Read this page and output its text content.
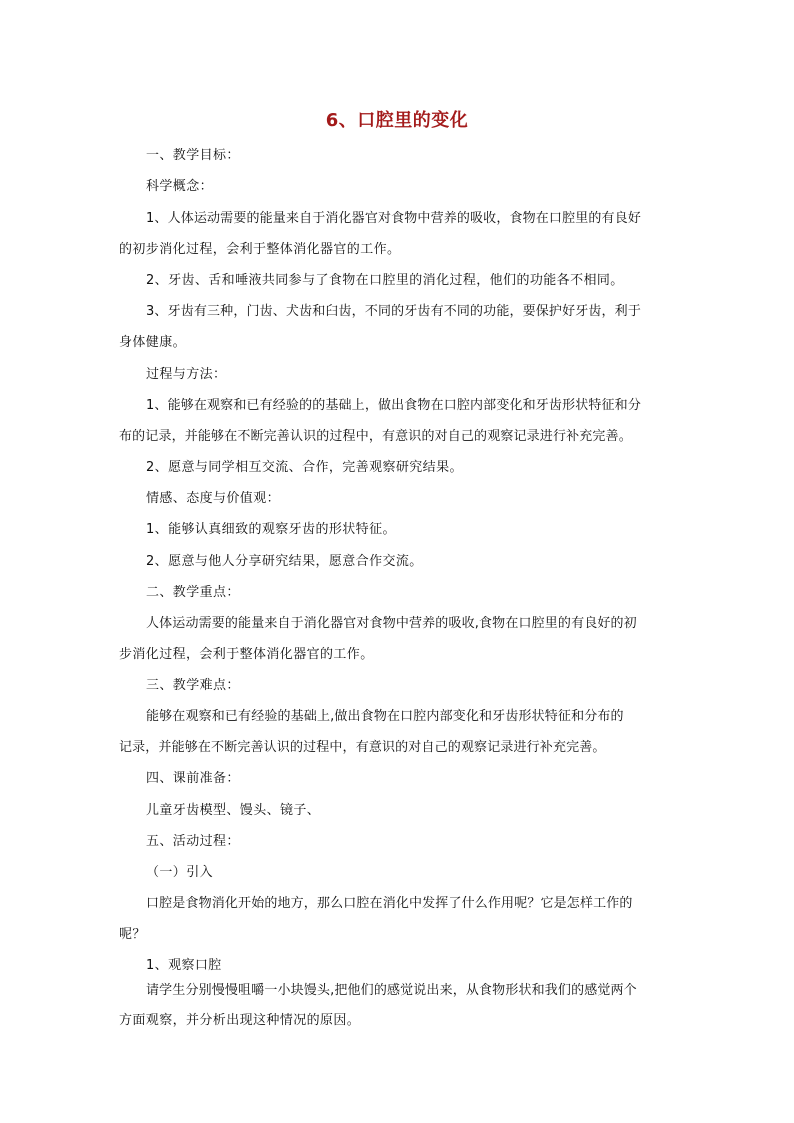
6、口腔里的变化
一、教学目标：
科学概念：
1、人体运动需要的能量来自于消化器官对食物中营养的吸收，食物在口腔里的有良好
的初步消化过程，会利于整体消化器官的工作。
2、牙齿、舌和唾液共同参与了食物在口腔里的消化过程，他们的功能各不相同。
3、牙齿有三种，门齿、犬齿和臼齿，不同的牙齿有不同的功能，要保护好牙齿，利于
身体健康。
过程与方法：
1、能够在观察和已有经验的的基础上，做出食物在口腔内部变化和牙齿形状特征和分
布的记录，并能够在不断完善认识的过程中，有意识的对自己的观察记录进行补充完善。
2、愿意与同学相互交流、合作，完善观察研究结果。
情感、态度与价值观：
1、能够认真细致的观察牙齿的形状特征。
2、愿意与他人分享研究结果，愿意合作交流。
二、教学重点：
人体运动需要的能量来自于消化器官对食物中营养的吸收,食物在口腔里的有良好的初
步消化过程，会利于整体消化器官的工作。
三、教学难点：
能够在观察和已有经验的基础上,做出食物在口腔内部变化和牙齿形状特征和分布的
记录，并能够在不断完善认识的过程中，有意识的对自己的观察记录进行补充完善。
四、课前准备：
儿童牙齿模型、馒头、镜子、
五、活动过程：
（一）引入
口腔是食物消化开始的地方，那么口腔在消化中发挥了什么作用呢？它是怎样工作的
呢？
1、观察口腔
请学生分别慢慢咀嚼一小块馒头,把他们的感觉说出来，从食物形状和我们的感觉两个
方面观察，并分析出现这种情况的原因。
